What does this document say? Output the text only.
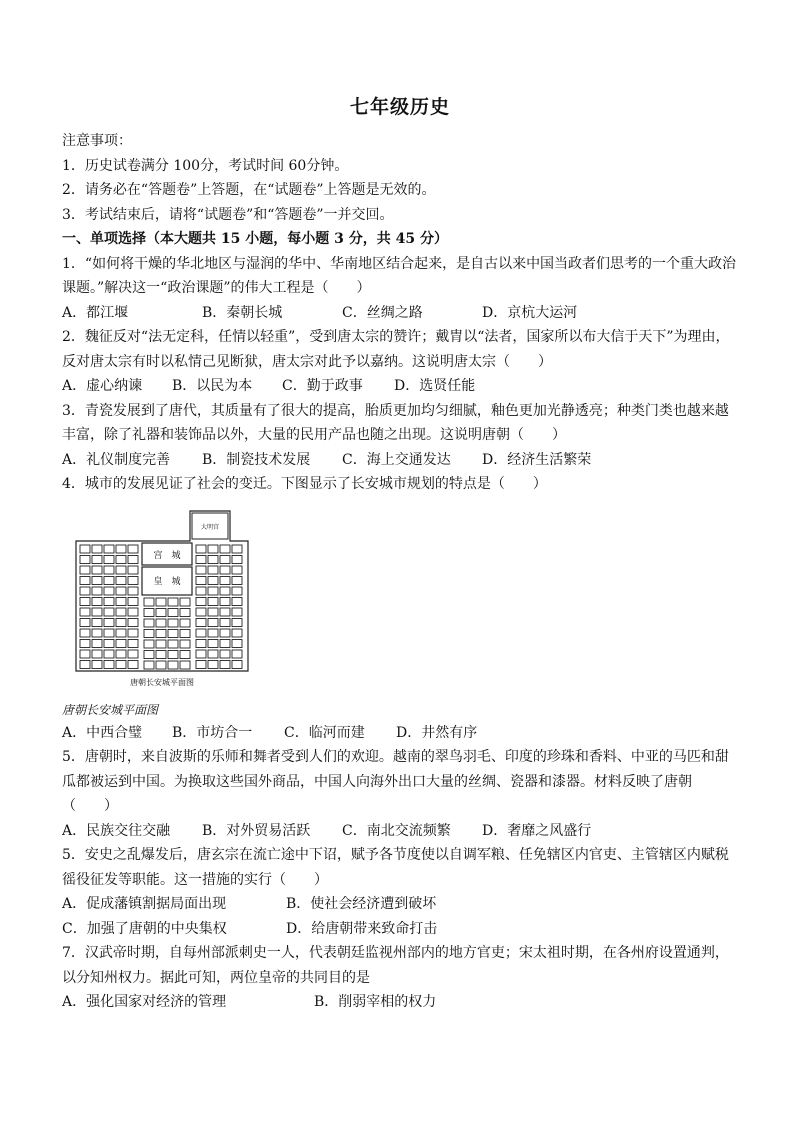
七年级历史

注意事项：

1．历史试卷满分 100分，考试时间 60分钟。

2．请务必在“答题卷”上答题，在“试题卷”上答题是无效的。

3．考试结束后，请将“试题卷”和“答题卷”一并交回。

一、单项选择（本大题共 15 小题，每小题 3 分，共 45 分）

1．“如何将干燥的华北地区与湿润的华中、华南地区结合起来，是自古以来中国当政者们思考的一个重大政治课题。”解决这一“政治课题”的伟大工程是（　　）

A．都江堰	B．秦朝长城	C．丝绸之路	D．京杭大运河

2．魏征反对“法无定科，任情以轻重”，受到唐太宗的赞许；戴胄以“法者，国家所以布大信于天下”为理由，反对唐太宗有时以私情己见断狱，唐太宗对此予以嘉纳。这说明唐太宗（　　）

A．虚心纳谏	B．以民为本	C．勤于政事	D．选贤任能

3．青瓷发展到了唐代，其质量有了很大的提高，胎质更加均匀细腻，釉色更加光静透亮；种类门类也越来越丰富，除了礼器和装饰品以外，大量的民用产品也随之出现。这说明唐朝（　　）

A．礼仪制度完善	B．制瓷技术发展	C．海上交通发达	D．经济生活繁荣

4．城市的发展见证了社会的变迁。下图显示了长安城市规划的特点是（　　）

宫　城
皇　城
大明宫
唐朝长安城平面图

唐朝长安城平面图

A．中西合璧	B．市坊合一	C．临河而建	D．井然有序

5．唐朝时，来自波斯的乐师和舞者受到人们的欢迎。越南的翠鸟羽毛、印度的珍珠和香料、中亚的马匹和甜瓜都被运到中国。为换取这些国外商品，中国人向海外出口大量的丝绸、瓷器和漆器。材料反映了唐朝（　　）

A．民族交往交融	B．对外贸易活跃	C．南北交流频繁	D．奢靡之风盛行

5．安史之乱爆发后，唐玄宗在流亡途中下诏，赋予各节度使以自调军粮、任免辖区内官吏、主管辖区内赋税徭役征发等职能。这一措施的实行（　　）

A．促成藩镇割据局面出现	B．使社会经济遭到破坏
C．加强了唐朝的中央集权	D．给唐朝带来致命打击

7．汉武帝时期，自每州部派刺史一人，代表朝廷监视州部内的地方官吏；宋太祖时期，在各州府设置通判，以分知州权力。据此可知，两位皇帝的共同目的是

A．强化国家对经济的管理	B．削弱宰相的权力
